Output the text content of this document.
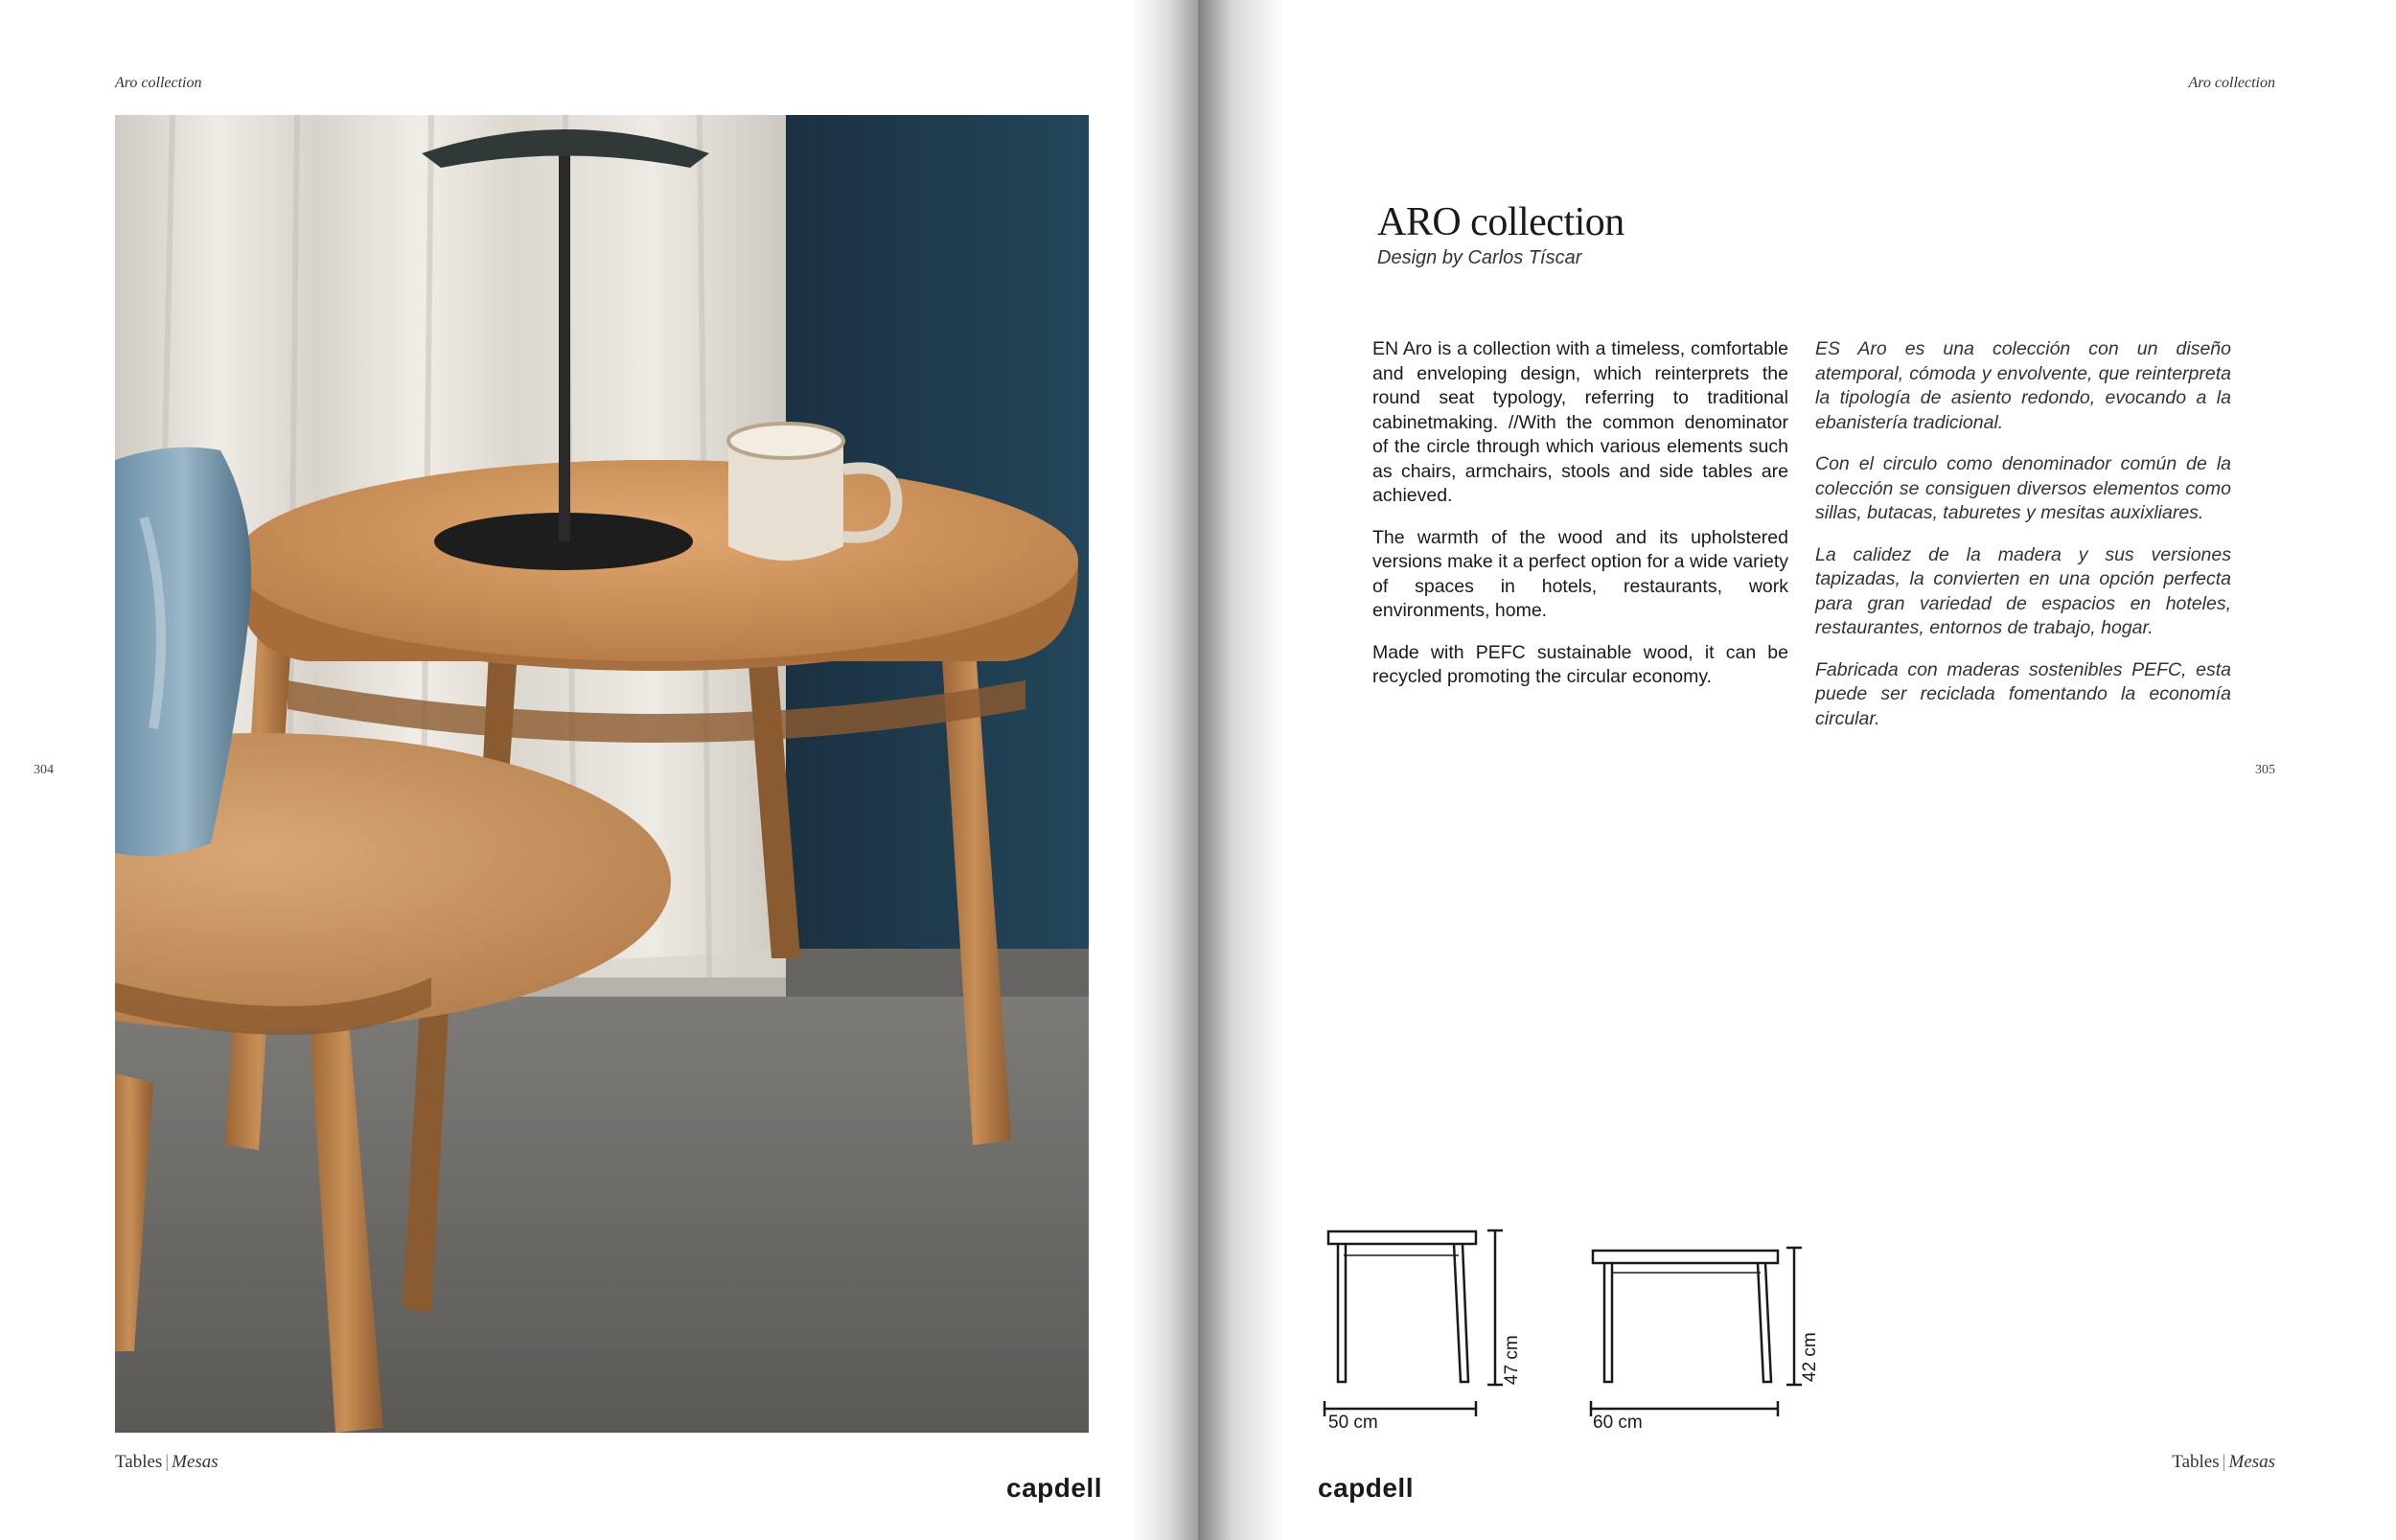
Aro collection
304
Tables | Mesas
capdell
Aro collection
305
ARO collection
Design by Carlos Tíscar

EN Aro is a collection with a timeless, comfortable and enveloping design, which reinterprets the round seat typology, referring to traditional cabinetmaking. //With the common denominator of the circle through which various elements such as chairs, armchairs, stools and side tables are achieved.

The warmth of the wood and its upholstered versions make it a perfect option for a wide variety of spaces in hotels, restaurants, work environments, home.

Made with PEFC sustainable wood, it can be recycled promoting the circular economy.

ES Aro es una colección con un diseño atemporal, cómoda y envolvente, que reinterpreta la tipología de asiento redondo, evocando a la ebanistería tradicional.

Con el circulo como denominador común de la colección se consiguen diversos elementos como sillas, butacas, taburetes y mesitas auxixliares.

La calidez de la madera y sus versiones tapizadas, la convierten en una opción perfecta para gran variedad de espacios en hoteles, restaurantes, entornos de trabajo, hogar.

Fabricada con maderas sostenibles PEFC, esta puede ser reciclada fomentando la economía circular.

47 cm
50 cm
42 cm
60 cm
capdell
Tables | Mesas
